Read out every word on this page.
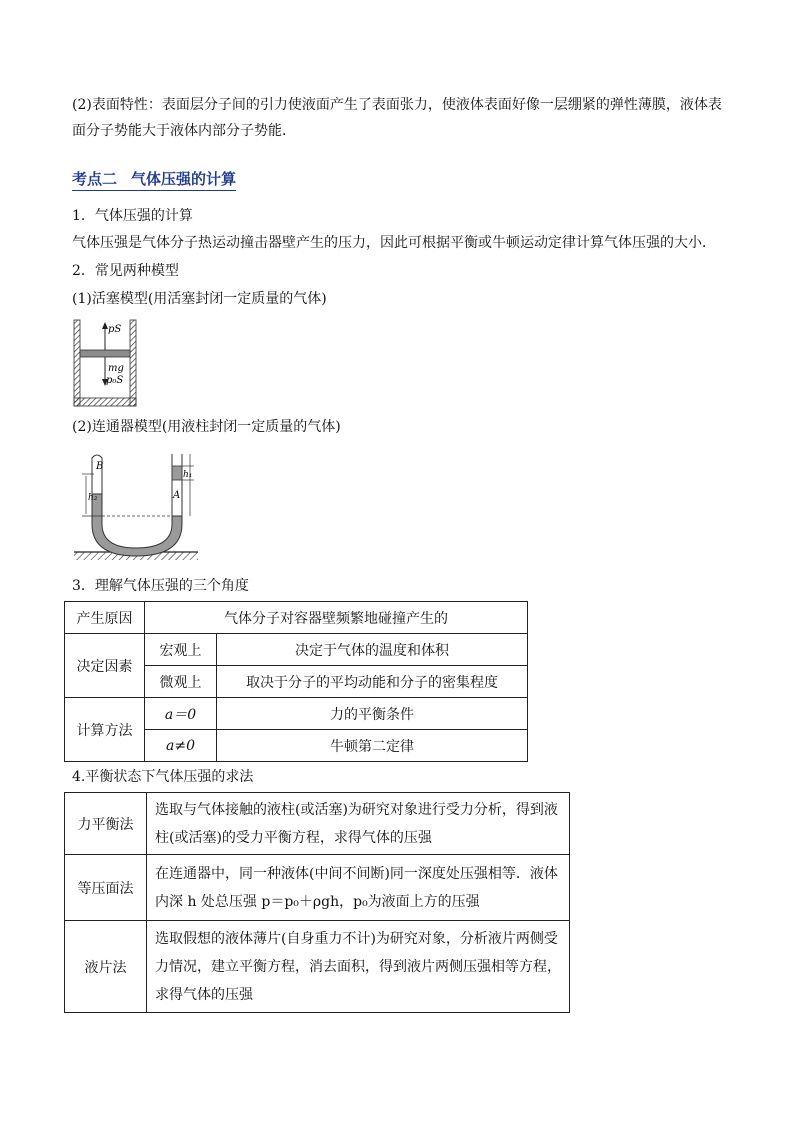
(2)表面特性：表面层分子间的引力使液面产生了表面张力，使液体表面好像一层绷紧的弹性薄膜，液体表面分子势能大于液体内部分子势能．
考点二 气体压强的计算
1．气体压强的计算
气体压强是气体分子热运动撞击器壁产生的压力，因此可根据平衡或牛顿运动定律计算气体压强的大小．
2．常见两种模型
(1)活塞模型(用活塞封闭一定质量的气体)
pS
mg
p₀S
(2)连通器模型(用液柱封闭一定质量的气体)
h₂
B
h₁
A
3．理解气体压强的三个角度
产生原因	气体分子对容器壁频繁地碰撞产生的	
决定因素	宏观上	决定于气体的温度和体积
	微观上	取决于分子的平均动能和分子的密集程度
计算方法	a＝0	力的平衡条件
	a≠0	牛顿第二定律
4.平衡状态下气体压强的求法
力平衡法	选取与气体接触的液柱(或活塞)为研究对象进行受力分析，得到液柱(或活塞)的受力平衡方程，求得气体的压强
等压面法	在连通器中，同一种液体(中间不间断)同一深度处压强相等．液体内深 h 处总压强 p＝p₀＋ρgh，p₀为液面上方的压强
液片法	选取假想的液体薄片(自身重力不计)为研究对象，分析液片两侧受力情况，建立平衡方程，消去面积，得到液片两侧压强相等方程，求得气体的压强
